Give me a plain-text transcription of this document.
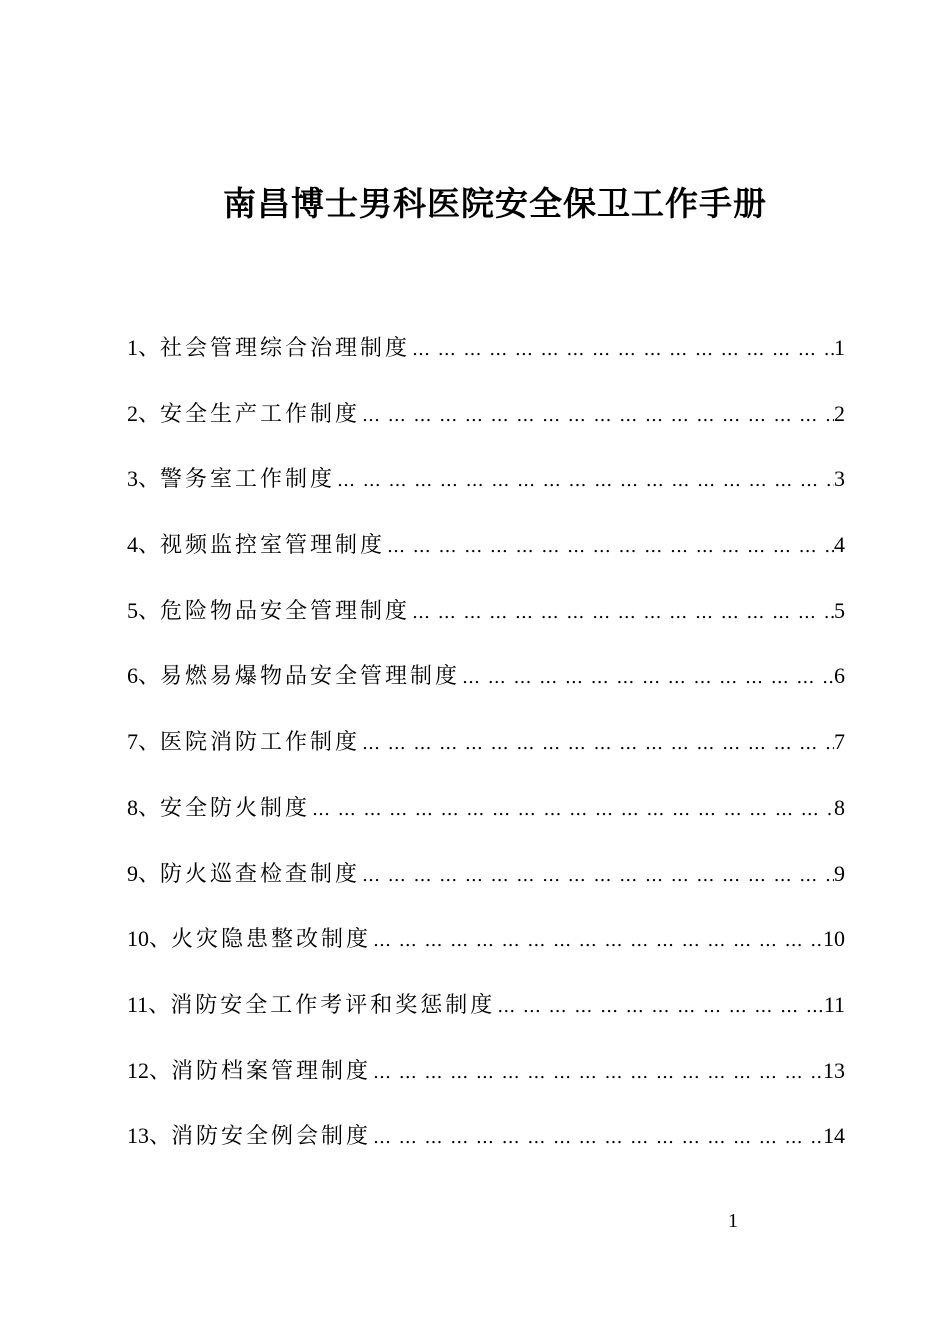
南昌博士男科医院安全保卫工作手册
1、 社会管理综合治理制度 … … … … … … … … … … … … … … … … … … … … … … … … … … … … … … … … … … … … … … … … … … … … … … … … … … … … … … … …	1
2、 安全生产工作制度 … … … … … … … … … … … … … … … … … … … … … … … … … … … … … … … … … … … … … … … … … … … … … … … … … … … … … … … …	2
3、 警务室工作制度 … … … … … … … … … … … … … … … … … … … … … … … … … … … … … … … … … … … … … … … … … … … … … … … … … … … … … … … …	3
4、 视频监控室管理制度 … … … … … … … … … … … … … … … … … … … … … … … … … … … … … … … … … … … … … … … … … … … … … … … … … … … … … … … …	4
5、 危险物品安全管理制度 … … … … … … … … … … … … … … … … … … … … … … … … … … … … … … … … … … … … … … … … … … … … … … … … … … … … … … … …	5
6、 易燃易爆物品安全管理制度 … … … … … … … … … … … … … … … … … … … … … … … … … … … … … … … … … … … … … … … … … … … … … … … … … … … … … … … …	6
7、 医院消防工作制度 … … … … … … … … … … … … … … … … … … … … … … … … … … … … … … … … … … … … … … … … … … … … … … … … … … … … … … … …	7
8、 安全防火制度 … … … … … … … … … … … … … … … … … … … … … … … … … … … … … … … … … … … … … … … … … … … … … … … … … … … … … … … …	8
9、 防火巡查检查制度 … … … … … … … … … … … … … … … … … … … … … … … … … … … … … … … … … … … … … … … … … … … … … … … … … … … … … … … …	9
10、 火灾隐患整改制度 … … … … … … … … … … … … … … … … … … … … … … … … … … … … … … … … … … … … … … … … … … … … … … … … … … … … … … … …	10
11、 消防安全工作考评和奖惩制度 … … … … … … … … … … … … … … … … … … … … … … … … … … … … … … … … … … … … … … … … … … … … … … … … … … … … … … … …	11
12、 消防档案管理制度 … … … … … … … … … … … … … … … … … … … … … … … … … … … … … … … … … … … … … … … … … … … … … … … … … … … … … … … …	13
13、 消防安全例会制度 … … … … … … … … … … … … … … … … … … … … … … … … … … … … … … … … … … … … … … … … … … … … … … … … … … … … … … … …	14
1
